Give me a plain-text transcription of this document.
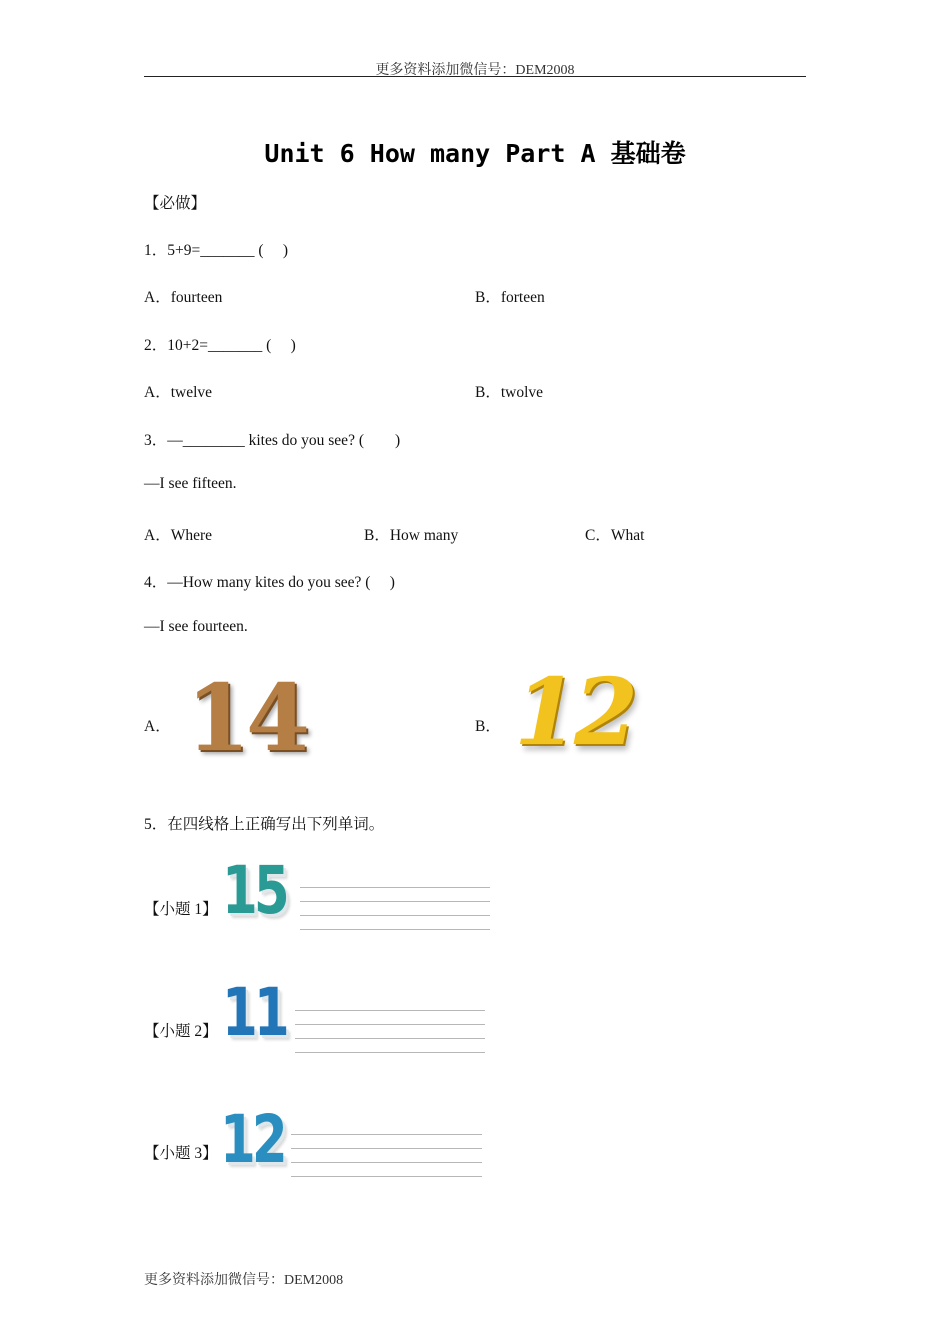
更多资料添加微信号：DEM2008
Unit 6 How many Part A 基础卷
【必做】
1．5+9=_______ (　 )
A．fourteen	B．forteen
2．10+2=_______ (　 )
A．twelve	B．twolve
3．—________ kites do you see? (　　)
—I see fifteen.
A．Where	B．How many	C．What
4．—How many kites do you see? (　 )
—I see fourteen.
A． 14	B． 12
5．在四线格上正确写出下列单词。
【小题 1】 15
【小题 2】 11
【小题 3】 12
更多资料添加微信号：DEM2008
